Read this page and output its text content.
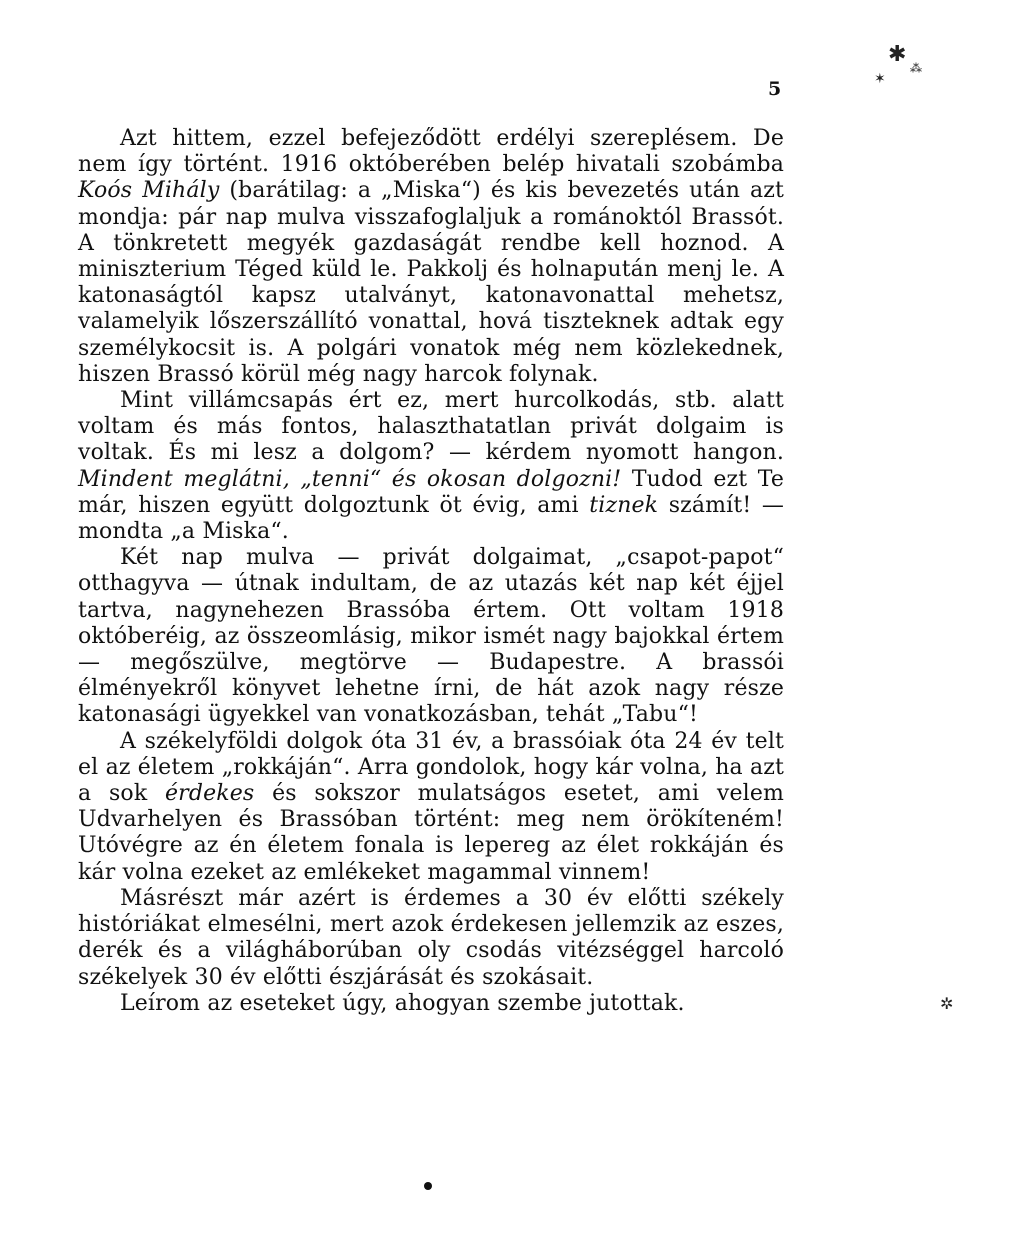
5
✱
✶
⁂
✲

Azt hittem, ezzel befejeződött erdélyi szereplésem. De nem így történt. 1916 októberében belép hivatali szobámba Koós Mihály (barátilag: a „Miska“) és kis bevezetés után azt mondja: pár nap mulva visszafoglaljuk a románoktól Brassót. A tönkretett megyék gazdaságát rendbe kell hoznod. A miniszterium Téged küld le. Pakkolj és holnapután menj le. A katonaságtól kapsz utalványt, katonavonattal mehetsz, valamelyik lőszerszállító vonattal, hová tiszteknek adtak egy személykocsit is. A polgári vonatok még nem közlekednek, hiszen Brassó körül még nagy harcok folynak.

Mint villámcsapás ért ez, mert hurcolkodás, stb. alatt voltam és más fontos, halaszthatatlan privát dolgaim is voltak. És mi lesz a dolgom? — kérdem nyomott hangon. Mindent meglátni, „tenni“ és okosan dolgozni! Tudod ezt Te már, hiszen együtt dolgoztunk öt évig, ami tiznek számít! — mondta „a Miska“.

Két nap mulva — privát dolgaimat, „csapot-papot“ otthagyva — útnak indultam, de az utazás két nap két éjjel tartva, nagynehezen Brassóba értem. Ott voltam 1918 októberéig, az összeomlásig, mikor ismét nagy bajokkal értem — megőszülve, megtörve — Budapestre. A brassói élményekről könyvet lehetne írni, de hát azok nagy része katonasági ügyekkel van vonatkozásban, tehát „Tabu“!

A székelyföldi dolgok óta 31 év, a brassóiak óta 24 év telt el az életem „rokkáján“. Arra gondolok, hogy kár volna, ha azt a sok érdekes és sokszor mulatságos esetet, ami velem Udvarhelyen és Brassóban történt: meg nem örökíteném! Utóvégre az én életem fonala is lepereg az élet rokkáján és kár volna ezeket az emlékeket magammal vinnem!

Másrészt már azért is érdemes a 30 év előtti székely históriákat elmesélni, mert azok érdekesen jellemzik az eszes, derék és a világháborúban oly csodás vitézséggel harcoló székelyek 30 év előtti észjárását és szokásait.

Leírom az eseteket úgy, ahogyan szembe jutottak.
